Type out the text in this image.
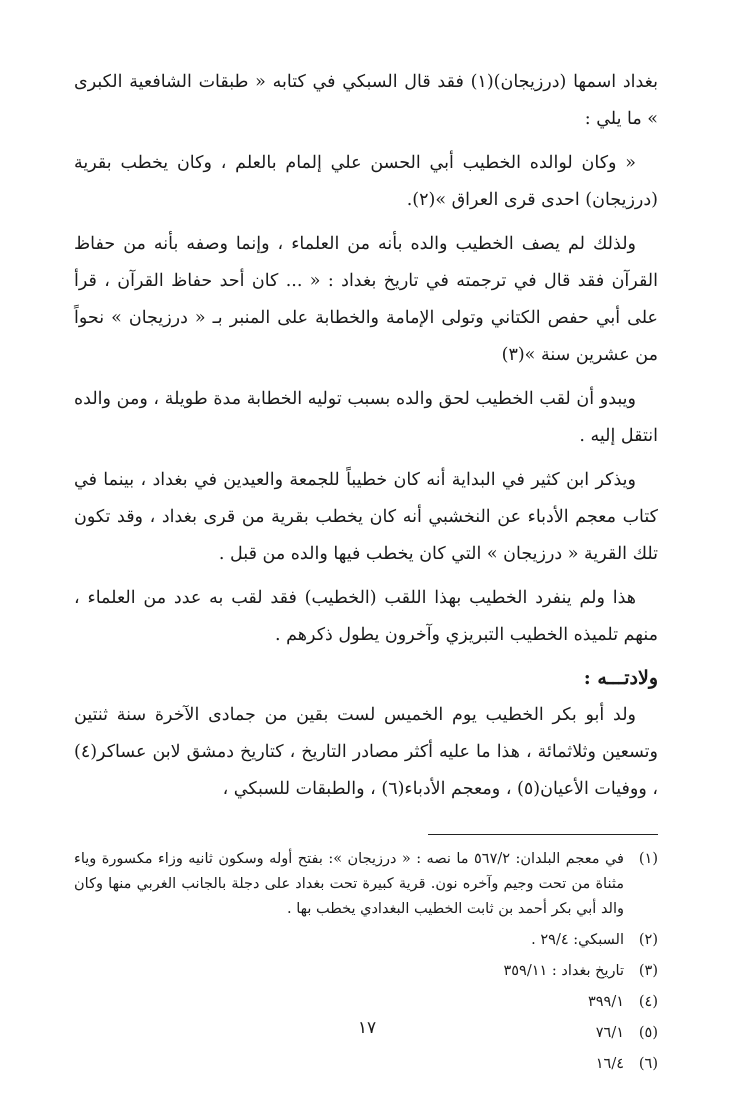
بغداد اسمها (درزيجان)(١) فقد قال السبكي في كتابه « طبقات الشافعية الكبرى » ما يلي :

« وكان لوالده الخطيب أبي الحسن علي إلمام بالعلم ، وكان يخطب بقرية (درزيجان) احدى قرى العراق »(٢).

ولذلك لم يصف الخطيب والده بأنه من العلماء ، وإنما وصفه بأنه من حفاظ القرآن فقد قال في ترجمته في تاريخ بغداد : « ... كان أحد حفاظ القرآن ، قرأ على أبي حفص الكتاني وتولى الإمامة والخطابة على المنبر بـ « درزيجان » نحواً من عشرين سنة »(٣)

ويبدو أن لقب الخطيب لحق والده بسبب توليه الخطابة مدة طويلة ، ومن والده انتقل إليه .

ويذكر ابن كثير في البداية أنه كان خطيباً للجمعة والعيدين في بغداد ، بينما في كتاب معجم الأدباء عن النخشبي أنه كان يخطب بقرية من قرى بغداد ، وقد تكون تلك القرية « درزيجان » التي كان يخطب فيها والده من قبل .

هذا ولم ينفرد الخطيب بهذا اللقب (الخطيب) فقد لقب به عدد من العلماء ، منهم تلميذه الخطيب التبريزي وآخرون يطول ذكرهم .

ولادتـــه :

ولد أبو بكر الخطيب يوم الخميس لست بقين من جمادى الآخرة سنة ثنتين وتسعين وثلاثمائة ، هذا ما عليه أكثر مصادر التاريخ ، كتاريخ دمشق لابن عساكر(٤) ، ووفيات الأعيان(٥) ، ومعجم الأدباء(٦) ، والطبقات للسبكي ،

(١)
في معجم البلدان: ٥٦٧/٢ ما نصه : « درزيجان »: بفتح أوله وسكون ثانيه وزاء مكسورة وياء مثناة من تحت وجيم وآخره نون. قرية كبيرة تحت بغداد على دجلة بالجانب الغربي منها وكان والد أبي بكر أحمد بن ثابت الخطيب البغدادي يخطب بها .
(٢)
السبكي: ٢٩/٤ .
(٣)
تاريخ بغداد : ٣٥٩/١١
(٤)
٣٩٩/١
(٥)
٧٦/١
(٦)
١٦/٤
١٧
